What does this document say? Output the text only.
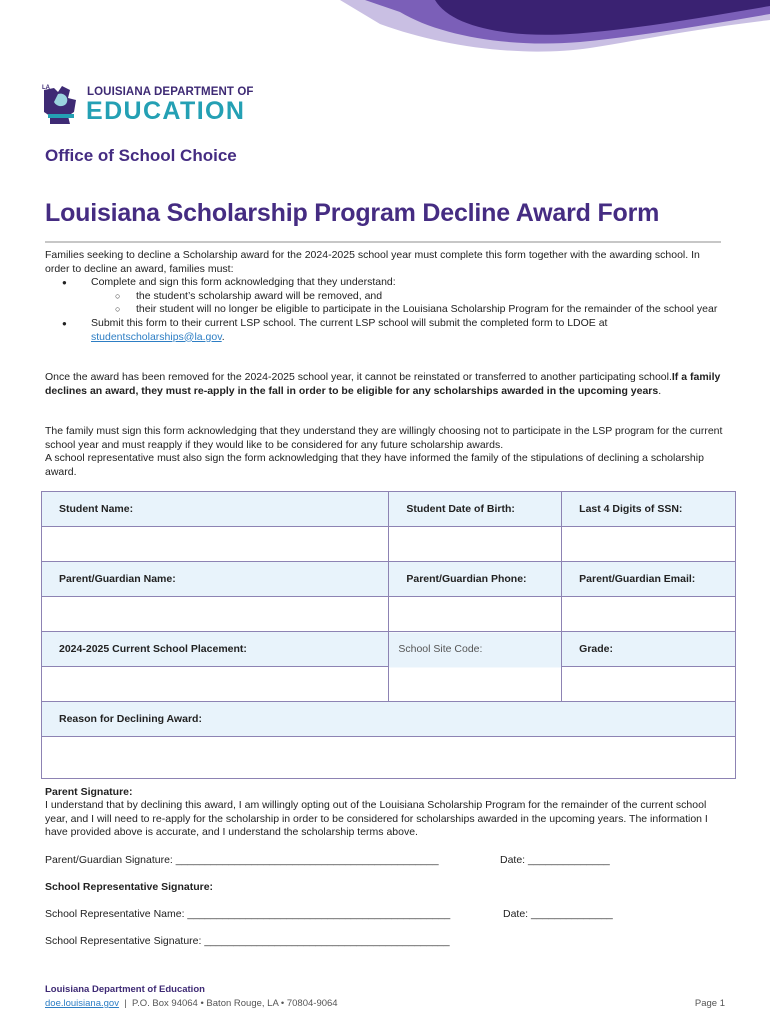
LA	LOUISIANA DEPARTMENT OF
EDUCATION
Office of School Choice
Louisiana Scholarship Program Decline Award Form

Families seeking to decline a Scholarship award for the 2024-2025 school year must complete this form together with the awarding school. In order to decline an award, families must:

● Complete and sign this form acknowledging that they understand:
○ the student’s scholarship award will be removed, and
○ their student will no longer be eligible to participate in the Louisiana Scholarship Program for the remainder of the school year
● Submit this form to their current LSP school. The current LSP school will submit the completed form to LDOE at studentscholarships@la.gov.
Once the award has been removed for the 2024-2025 school year, it cannot be reinstated or transferred to another participating school.If a family declines an award, they must re-apply in the fall in order to be eligible for any scholarships awarded in the upcoming years.

The family must sign this form acknowledging that they understand they are willingly choosing not to participate in the LSP program for the current school year and must reapply if they would like to be considered for any future scholarship awards.

A school representative must also sign the form acknowledging that they have informed the family of the stipulations of declining a scholarship award.

Student Name:	Student Date of Birth:	Last 4 Digits of SSN:

Parent/Guardian Name:	Parent/Guardian Phone:	Parent/Guardian Email:

2024-2025 Current School Placement:	School Site Code:	Grade:

Reason for Declining Award:		

Parent Signature:
I understand that by declining this award, I am willingly opting out of the Louisiana Scholarship Program for the remainder of the current school year, and I will need to re-apply for the scholarship in order to be considered for scholarships awarded in the upcoming years. The information I have provided above is accurate, and I understand the scholarship terms above.
Parent/Guardian Signature: _____________________________________________	Date: ______________
School Representative Signature:
School Representative Name: _____________________________________________	Date: ______________
School Representative Signature: __________________________________________
Louisiana Department of Education
doe.louisiana.gov  |  P.O. Box 94064 • Baton Rouge, LA • 70804-9064	Page 1
